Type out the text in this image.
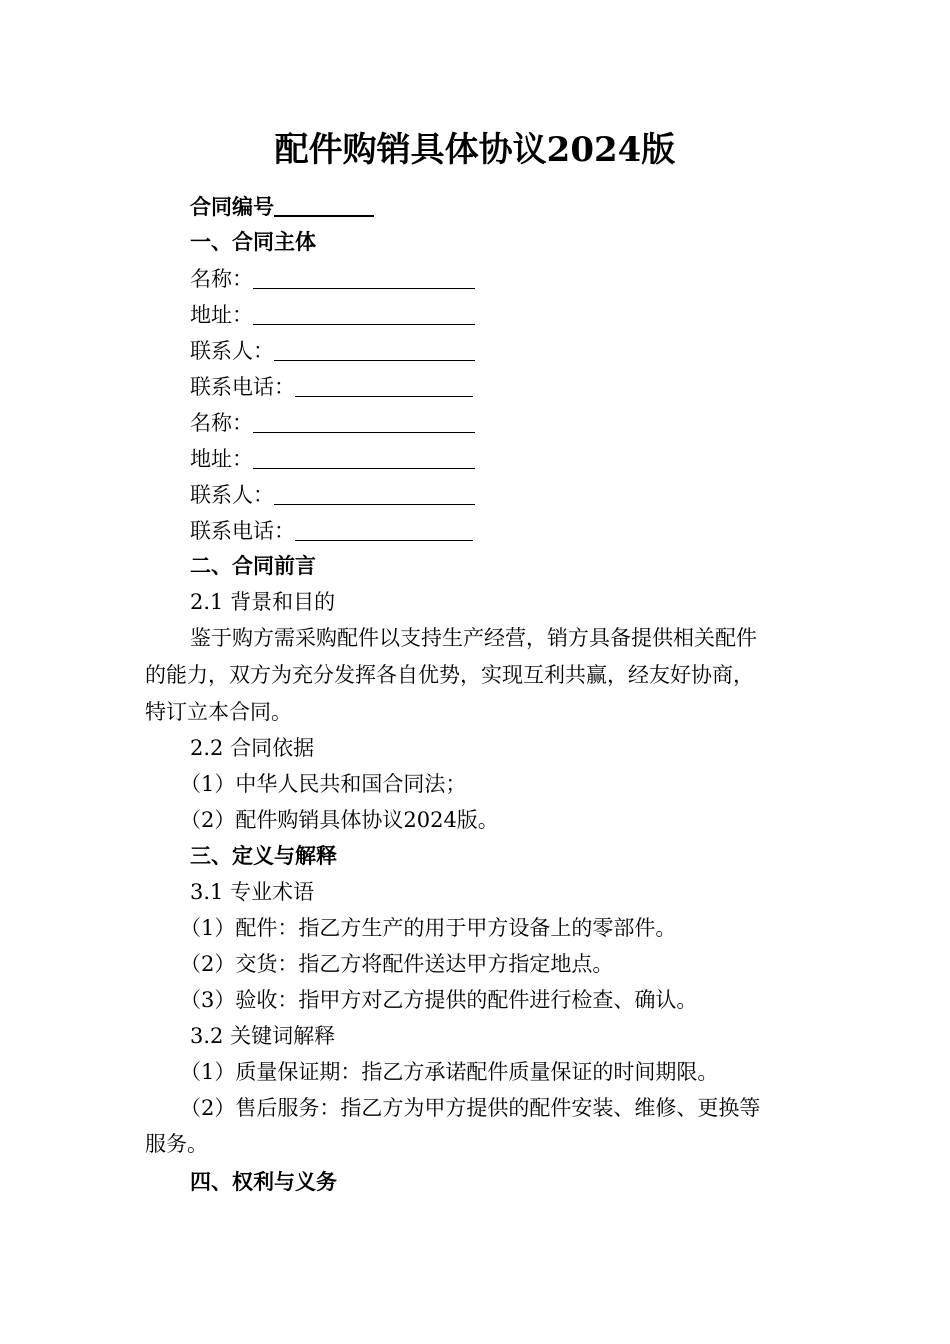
配件购销具体协议2024版
合同编号
一、合同主体
名称：
地址：
联系人：
联系电话：
名称：
地址：
联系人：
联系电话：
二、合同前言
2.1 背景和目的
鉴于购方需采购配件以支持生产经营，销方具备提供相关配件
的能力，双方为充分发挥各自优势，实现互利共赢，经友好协商，
特订立本合同。
2.2 合同依据
（1）中华人民共和国合同法；
（2）配件购销具体协议2024版。
三、定义与解释
3.1 专业术语
（1）配件：指乙方生产的用于甲方设备上的零部件。
（2）交货：指乙方将配件送达甲方指定地点。
（3）验收：指甲方对乙方提供的配件进行检查、确认。
3.2 关键词解释
（1）质量保证期：指乙方承诺配件质量保证的时间期限。
（2）售后服务：指乙方为甲方提供的配件安装、维修、更换等
服务。
四、权利与义务
